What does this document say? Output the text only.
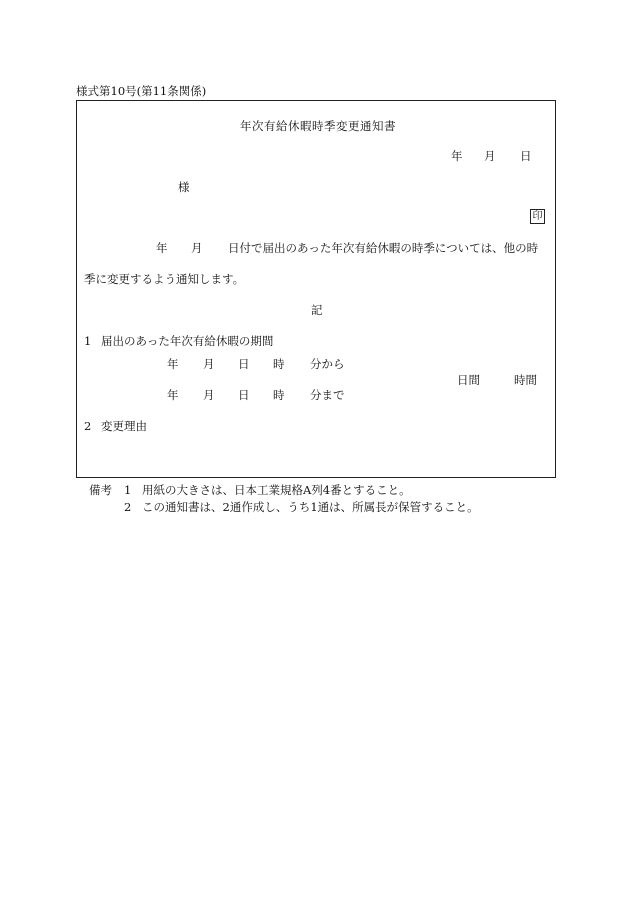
様式第10号(第11条関係)
年次有給休暇時季変更通知書
年 月 日
様
印
年 月 日付で届出のあった年次有給休暇の時季については、他の時
季に変更するよう通知します。
記
1 届出のあった年次有給休暇の期間
年 月 日 時 分から
日間	時間
年 月 日 時 分まで
2 変更理由
備考 1 用紙の大きさは、日本工業規格A列4番とすること。
2 この通知書は、2通作成し、うち1通は、所属長が保管すること。
